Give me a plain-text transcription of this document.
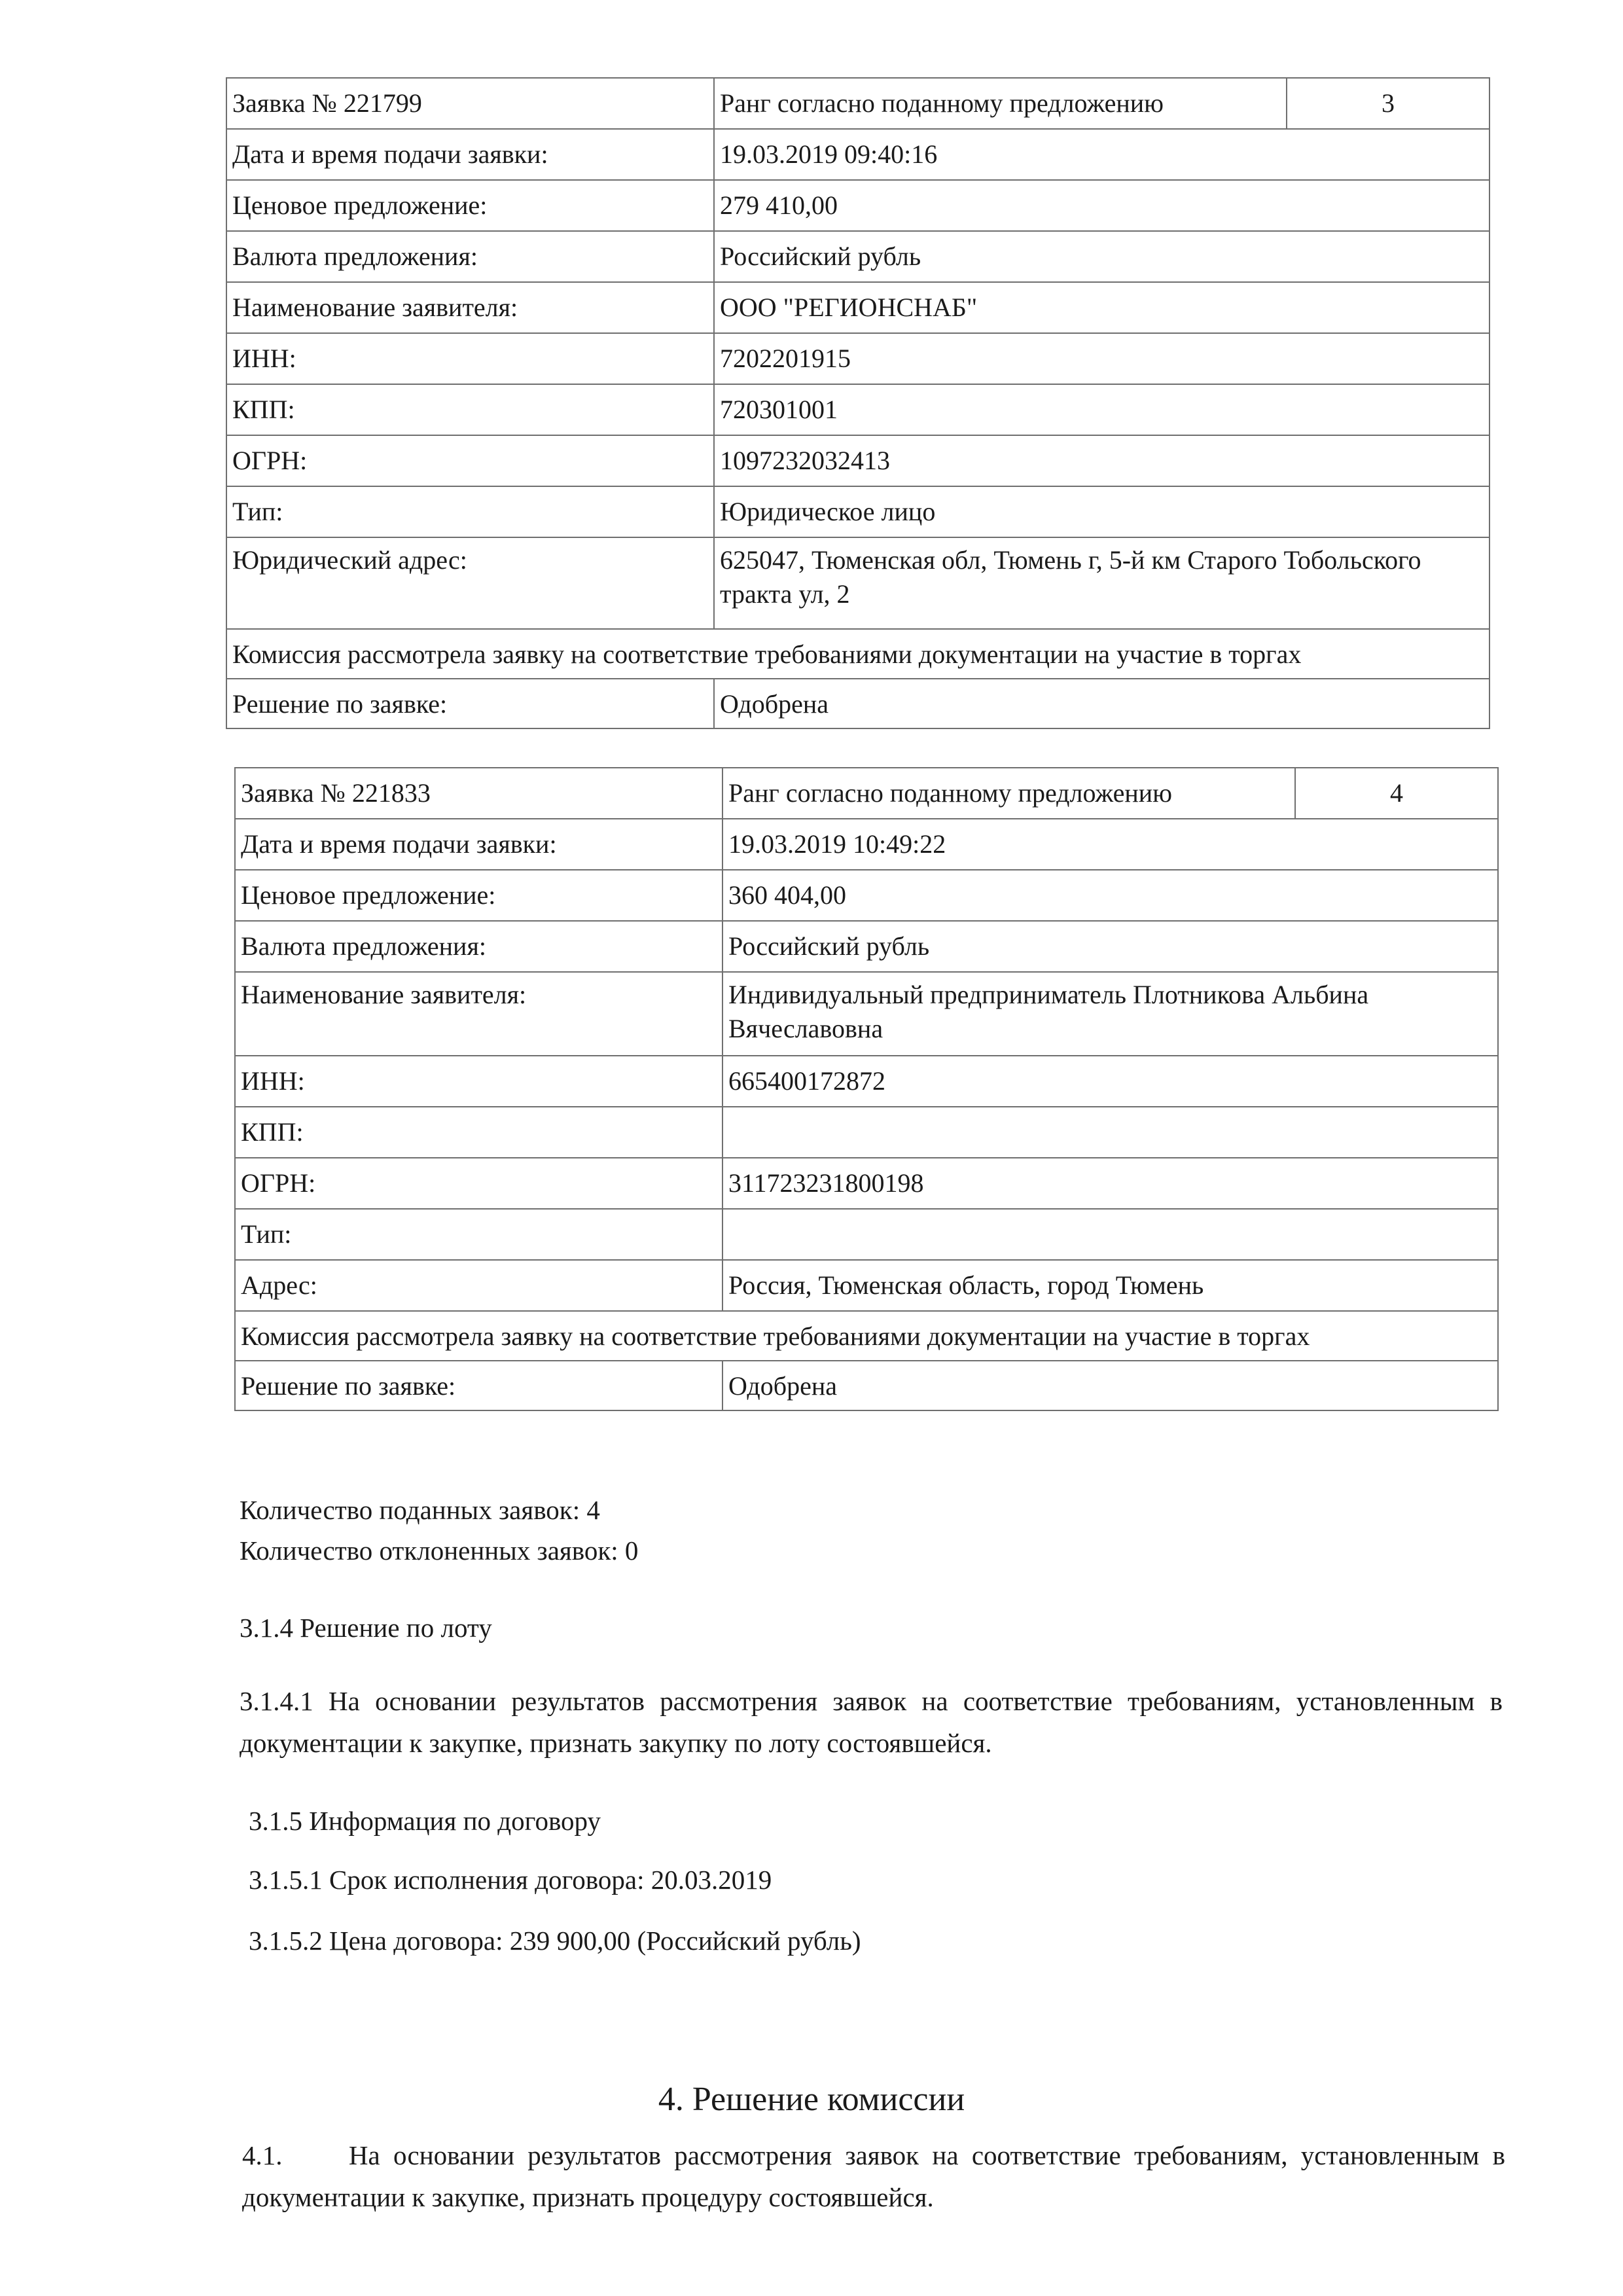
Заявка № 221799	Ранг согласно поданному предложению	3
Дата и время подачи заявки:	19.03.2019 09:40:16	
Ценовое предложение:	279 410,00	
Валюта предложения:	Российский рубль	
Наименование заявителя:	ООО "РЕГИОНСНАБ"	
ИНН:	7202201915	
КПП:	720301001	
ОГРН:	1097232032413	
Тип:	Юридическое лицо	
Юридический адрес:	625047, Тюменская обл, Тюмень г, 5-й км Старого Тобольского тракта ул, 2	
Комиссия рассмотрела заявку на соответствие требованиями документации на участие в торгах		
Решение по заявке:	Одобрена	
Заявка № 221833	Ранг согласно поданному предложению	4
Дата и время подачи заявки:	19.03.2019 10:49:22	
Ценовое предложение:	360 404,00	
Валюта предложения:	Российский рубль	
Наименование заявителя:	Индивидуальный предприниматель Плотникова Альбина Вячеславовна	
ИНН:	665400172872	
КПП:		
ОГРН:	311723231800198	
Тип:		
Адрес:	Россия, Тюменская область, город Тюмень	
Комиссия рассмотрела заявку на соответствие требованиями документации на участие в торгах		
Решение по заявке:	Одобрена	

Количество поданных заявок: 4

Количество отклоненных заявок: 0

3.1.4 Решение по лоту

3.1.4.1 На основании результатов рассмотрения заявок на соответствие требованиям, установленным в документации к закупке, признать закупку по лоту состоявшейся.

3.1.5 Информация по договору

3.1.5.1 Срок исполнения договора: 20.03.2019

3.1.5.2 Цена договора: 239 900,00 (Российский рубль)

4. Решение комиссии

4.1.     На основании результатов рассмотрения заявок на соответствие требованиям, установленным в документации к закупке, признать процедуру состоявшейся.
